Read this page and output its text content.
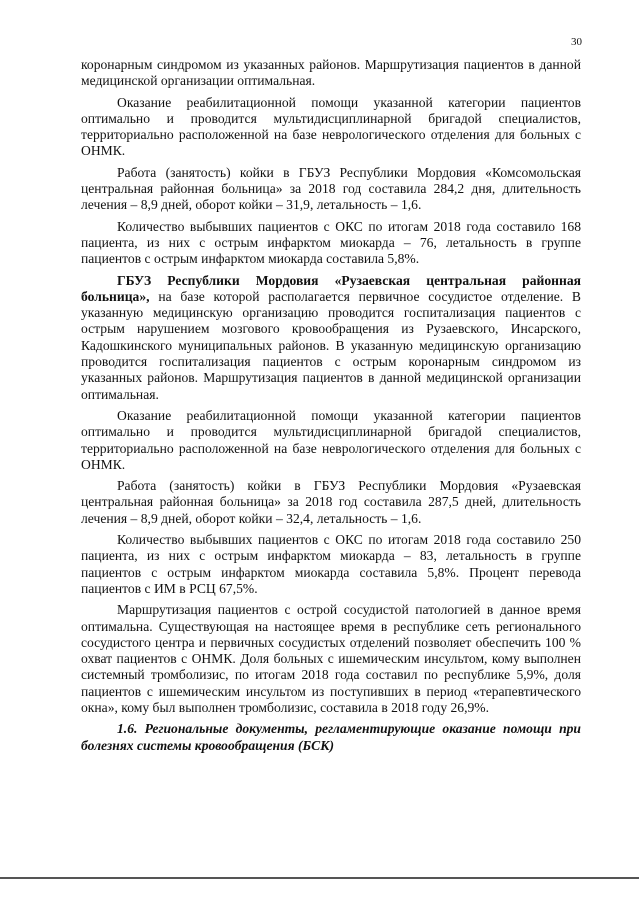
30

коронарным синдромом из указанных районов. Маршрутизация пациентов в данной медицинской организации оптимальная.

Оказание реабилитационной помощи указанной категории пациентов оптимально и проводится мультидисциплинарной бригадой специалистов, территориально расположенной на базе неврологического отделения для больных с ОНМК.

Работа (занятость) койки в ГБУЗ Республики Мордовия «Комсомольская центральная районная больница» за 2018 год составила 284,2 дня, длительность лечения – 8,9 дней, оборот койки – 31,9, летальность – 1,6.

Количество выбывших пациентов с ОКС по итогам 2018 года составило 168 пациента, из них с острым инфарктом миокарда – 76, летальность в группе пациентов с острым инфарктом миокарда составила 5,8%.

ГБУЗ Республики Мордовия «Рузаевская центральная районная больница», на базе которой располагается первичное сосудистое отделение. В указанную медицинскую организацию проводится госпитализация пациентов с острым нарушением мозгового кровообращения из Рузаевского, Инсарского, Кадошкинского муниципальных районов. В указанную медицинскую организацию проводится госпитализация пациентов с острым коронарным синдромом из указанных районов. Маршрутизация пациентов в данной медицинской организации оптимальная.

Оказание реабилитационной помощи указанной категории пациентов оптимально и проводится мультидисциплинарной бригадой специалистов, территориально расположенной на базе неврологического отделения для больных с ОНМК.

Работа (занятость) койки в ГБУЗ Республики Мордовия «Рузаевская центральная районная больница» за 2018 год составила 287,5 дней, длительность лечения – 8,9 дней, оборот койки – 32,4, летальность – 1,6.

Количество выбывших пациентов с ОКС по итогам 2018 года составило 250 пациента, из них с острым инфарктом миокарда – 83, летальность в группе пациентов с острым инфарктом миокарда составила 5,8%. Процент перевода пациентов с ИМ в РСЦ 67,5%.

Маршрутизация пациентов с острой сосудистой патологией в данное время оптимальна. Существующая на настоящее время в республике сеть регионального сосудистого центра и первичных сосудистых отделений позволяет обеспечить 100 % охват пациентов с ОНМК. Доля больных с ишемическим инсультом, кому выполнен системный тромболизис, по итогам 2018 года составил по республике 5,9%, доля пациентов с ишемическим инсультом из поступивших в период «терапевтического окна», кому был выполнен тромболизис, составила в 2018 году 26,9%.

1.6. Региональные документы, регламентирующие оказание помощи при болезнях системы кровообращения (БСК)
